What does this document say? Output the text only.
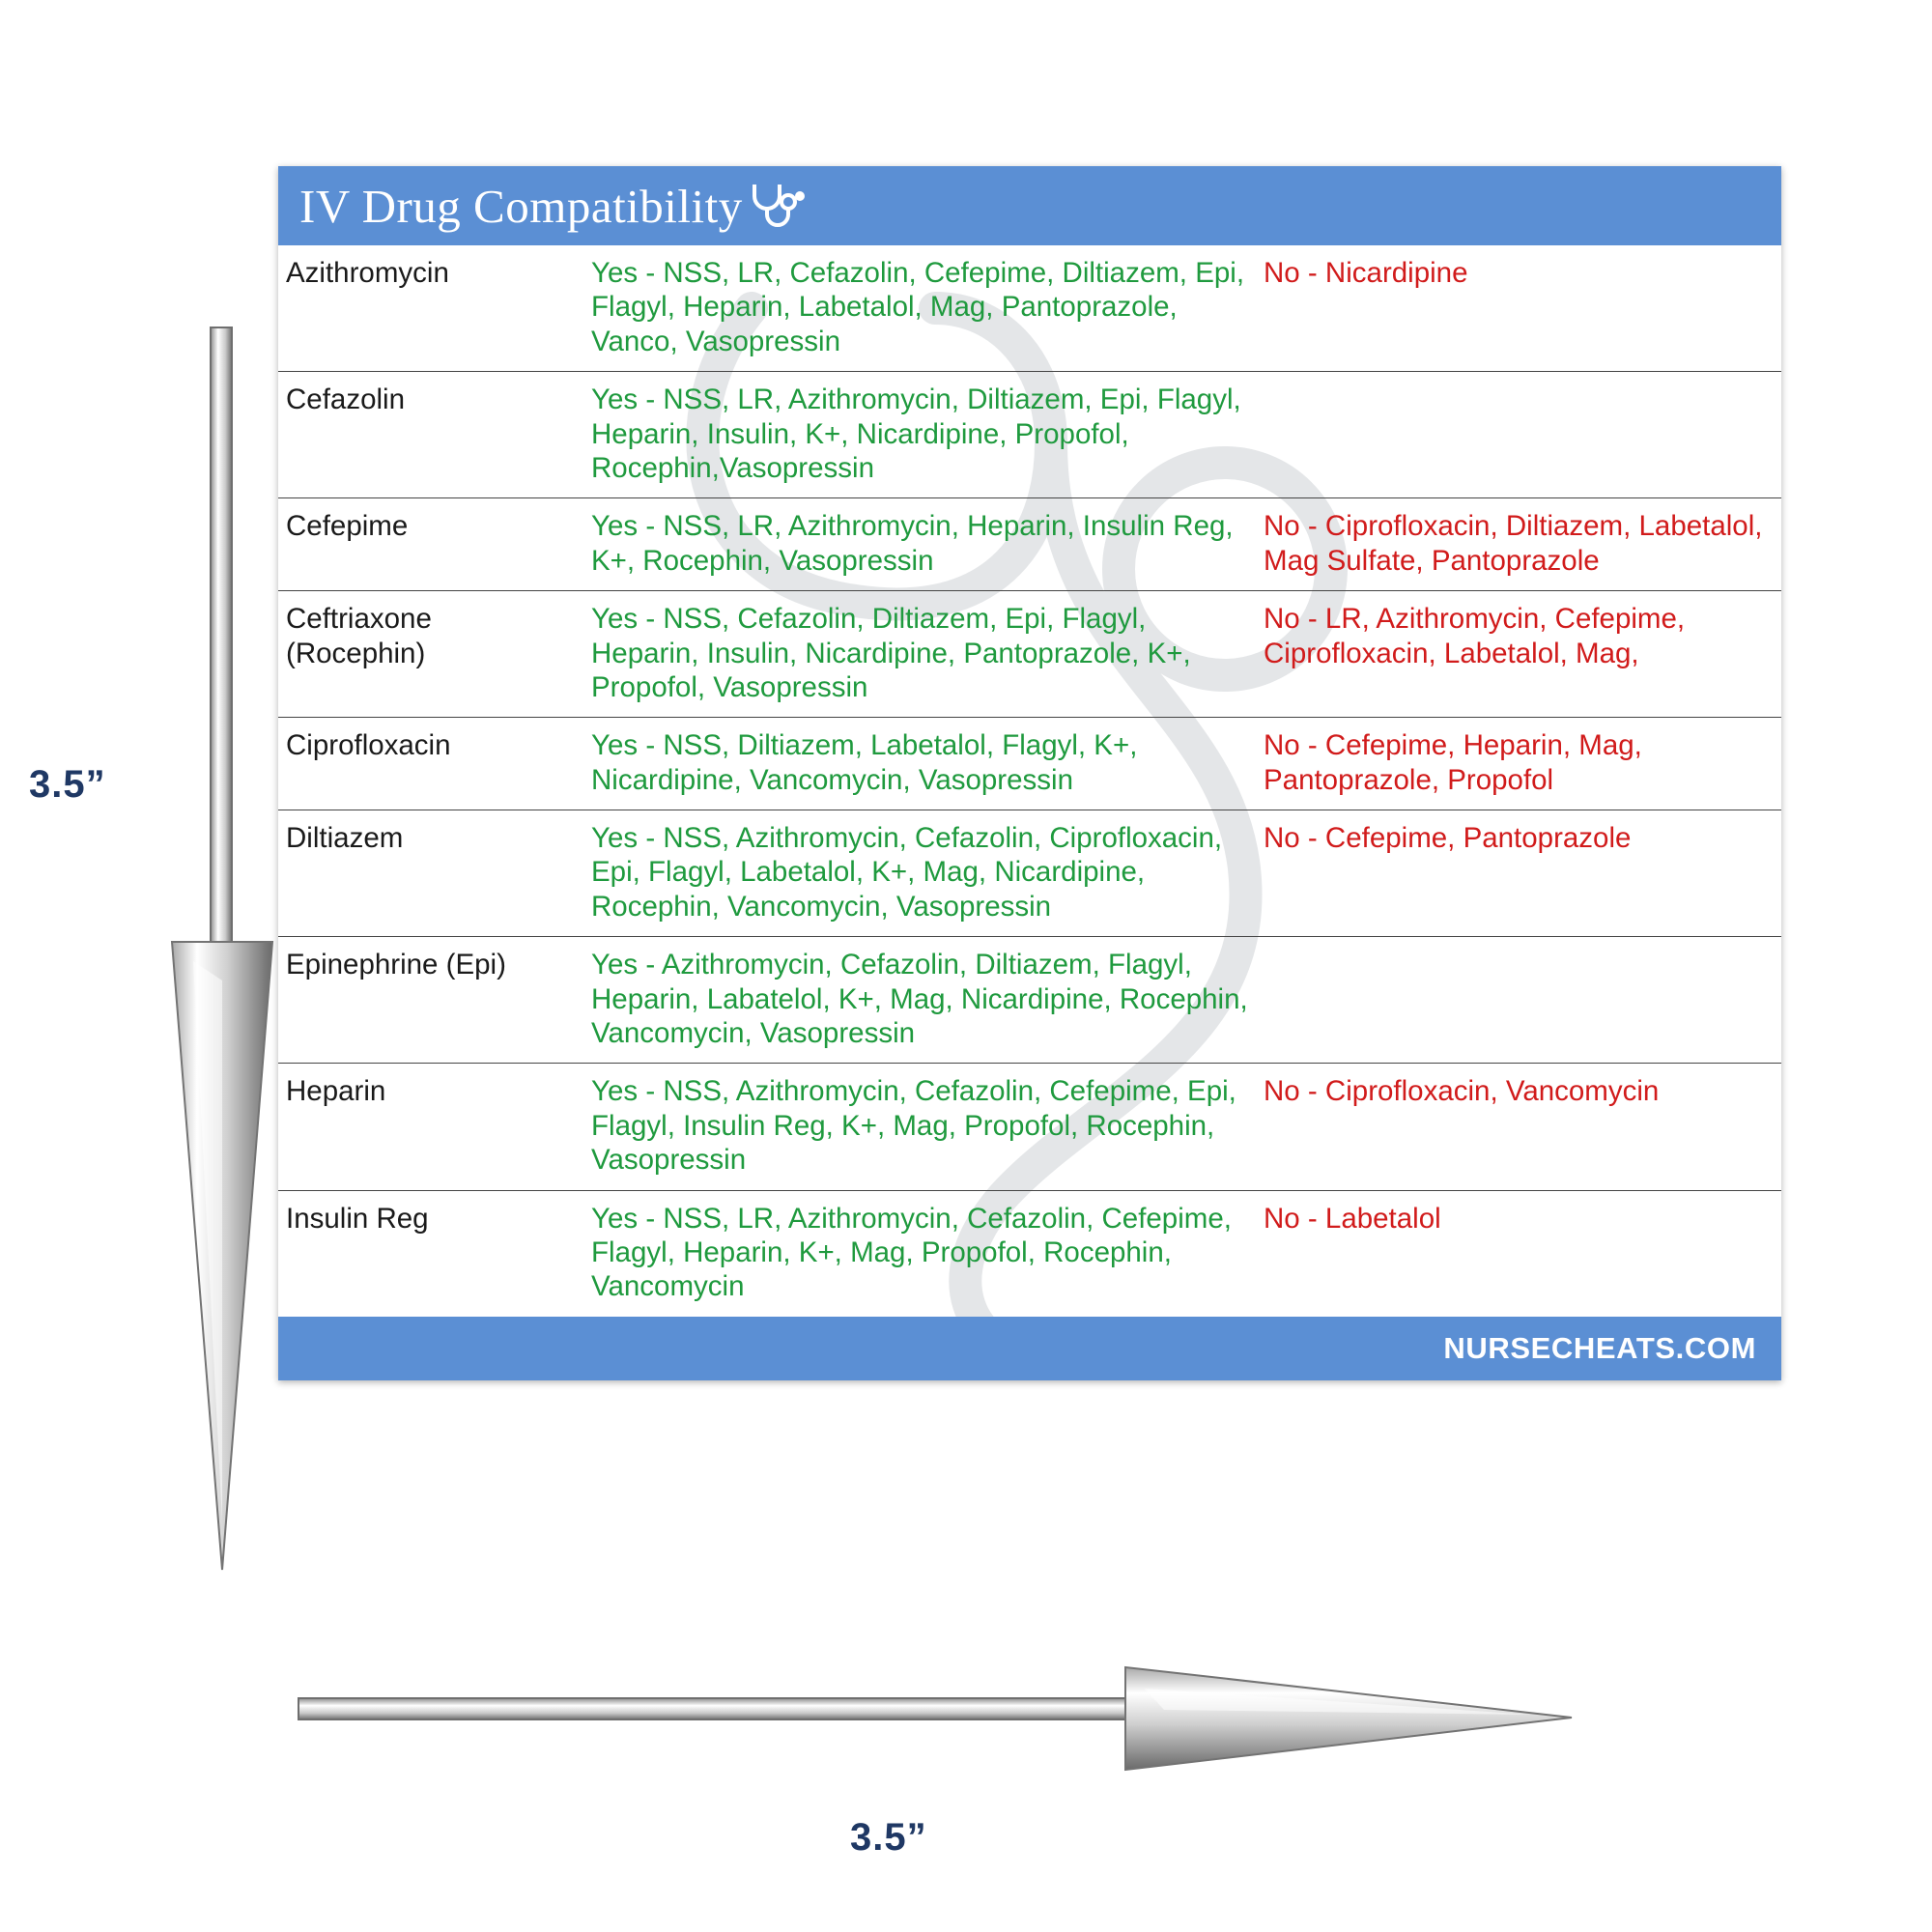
3.5”
3.5”
IV Drug Compatibility
Azithromycin	Yes - NSS, LR, Cefazolin, Cefepime, Diltiazem, Epi, Flagyl, Heparin, Labetalol, Mag, Pantoprazole, Vanco, Vasopressin	No - Nicardipine
Cefazolin	Yes - NSS, LR, Azithromycin, Diltiazem, Epi, Flagyl, Heparin, Insulin, K+, Nicardipine, Propofol, Rocephin,Vasopressin	
Cefepime	Yes - NSS, LR, Azithromycin, Heparin, Insulin Reg, K+, Rocephin, Vasopressin	No - Ciprofloxacin, Diltiazem, Labetalol, Mag Sulfate, Pantoprazole
Ceftriaxone (Rocephin)	Yes - NSS, Cefazolin, Diltiazem, Epi, Flagyl, Heparin, Insulin, Nicardipine, Pantoprazole, K+, Propofol, Vasopressin	No - LR, Azithromycin, Cefepime, Ciprofloxacin, Labetalol, Mag,
Ciprofloxacin	Yes - NSS, Diltiazem, Labetalol, Flagyl, K+, Nicardipine, Vancomycin, Vasopressin	No - Cefepime, Heparin, Mag, Pantoprazole, Propofol
Diltiazem	Yes - NSS, Azithromycin, Cefazolin, Ciprofloxacin, Epi, Flagyl, Labetalol, K+, Mag, Nicardipine, Rocephin, Vancomycin, Vasopressin	No - Cefepime, Pantoprazole
Epinephrine (Epi)	Yes - Azithromycin, Cefazolin, Diltiazem, Flagyl, Heparin, Labatelol, K+, Mag, Nicardipine, Rocephin, Vancomycin, Vasopressin	
Heparin	Yes - NSS, Azithromycin, Cefazolin, Cefepime, Epi, Flagyl, Insulin Reg, K+, Mag, Propofol, Rocephin, Vasopressin	No - Ciprofloxacin, Vancomycin
Insulin Reg	Yes - NSS, LR, Azithromycin, Cefazolin, Cefepime, Flagyl, Heparin, K+, Mag, Propofol, Rocephin, Vancomycin	No - Labetalol
NURSECHEATS.COM
